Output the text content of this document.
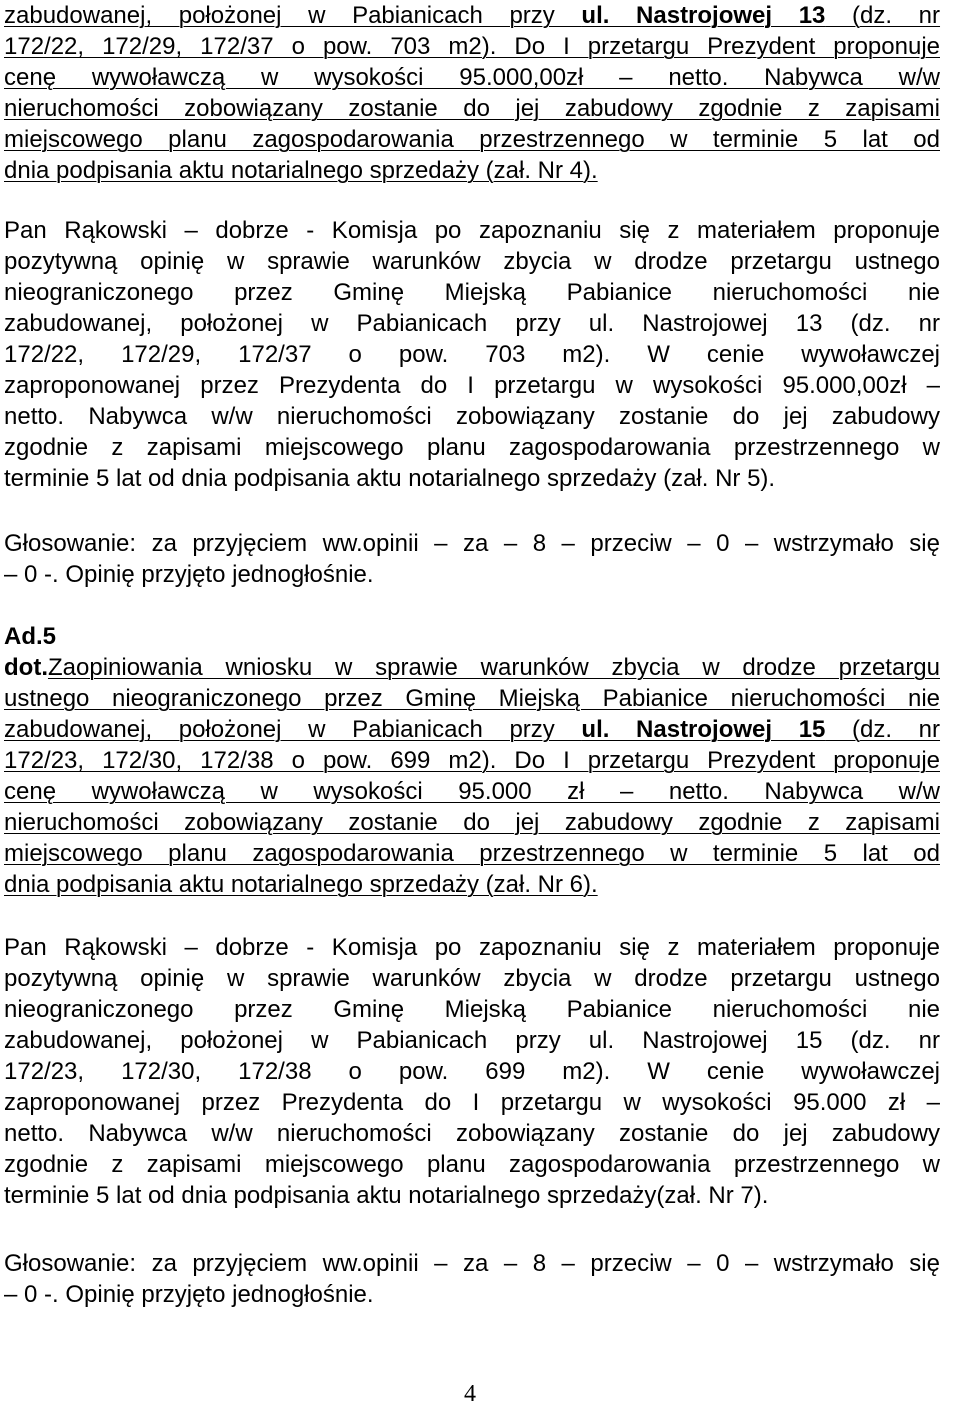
zabudowanej, położonej w Pabianicach przy ul. Nastrojowej 13 (dz. nr
172/22, 172/29, 172/37 o pow. 703 m2). Do I przetargu Prezydent proponuje
cenę wywoławczą w wysokości 95.000,00zł – netto. Nabywca w/w
nieruchomości zobowiązany zostanie do jej zabudowy zgodnie z zapisami
miejscowego planu zagospodarowania przestrzennego w terminie 5 lat od
dnia podpisania aktu notarialnego sprzedaży (zał. Nr 4).
Pan Rąkowski – dobrze - Komisja po zapoznaniu się z materiałem proponuje
pozytywną opinię w sprawie warunków zbycia w drodze przetargu ustnego
nieograniczonego przez Gminę Miejską Pabianice nieruchomości nie
zabudowanej, położonej w Pabianicach przy ul. Nastrojowej 13 (dz. nr
172/22, 172/29, 172/37 o pow. 703 m2). W cenie wywoławczej
zaproponowanej przez Prezydenta do I przetargu w wysokości 95.000,00zł –
netto. Nabywca w/w nieruchomości zobowiązany zostanie do jej zabudowy
zgodnie z zapisami miejscowego planu zagospodarowania przestrzennego w
terminie 5 lat od dnia podpisania aktu notarialnego sprzedaży (zał. Nr 5).
Głosowanie: za przyjęciem ww.opinii – za – 8 – przeciw – 0 – wstrzymało się
– 0 -. Opinię przyjęto jednogłośnie.
Ad.5
dot.Zaopiniowania wniosku w sprawie warunków zbycia w drodze przetargu
ustnego nieograniczonego przez Gminę Miejską Pabianice nieruchomości nie
zabudowanej, położonej w Pabianicach przy ul. Nastrojowej 15 (dz. nr
172/23, 172/30, 172/38 o pow. 699 m2). Do I przetargu Prezydent proponuje
cenę wywoławczą w wysokości 95.000 zł – netto. Nabywca w/w
nieruchomości zobowiązany zostanie do jej zabudowy zgodnie z zapisami
miejscowego planu zagospodarowania przestrzennego w terminie 5 lat od
dnia podpisania aktu notarialnego sprzedaży (zał. Nr 6).
Pan Rąkowski – dobrze - Komisja po zapoznaniu się z materiałem proponuje
pozytywną opinię w sprawie warunków zbycia w drodze przetargu ustnego
nieograniczonego przez Gminę Miejską Pabianice nieruchomości nie
zabudowanej, położonej w Pabianicach przy ul. Nastrojowej 15 (dz. nr
172/23, 172/30, 172/38 o pow. 699 m2). W cenie wywoławczej
zaproponowanej przez Prezydenta do I przetargu w wysokości 95.000 zł –
netto. Nabywca w/w nieruchomości zobowiązany zostanie do jej zabudowy
zgodnie z zapisami miejscowego planu zagospodarowania przestrzennego w
terminie 5 lat od dnia podpisania aktu notarialnego sprzedaży(zał. Nr 7).
Głosowanie: za przyjęciem ww.opinii – za – 8 – przeciw – 0 – wstrzymało się
– 0 -. Opinię przyjęto jednogłośnie.
4
